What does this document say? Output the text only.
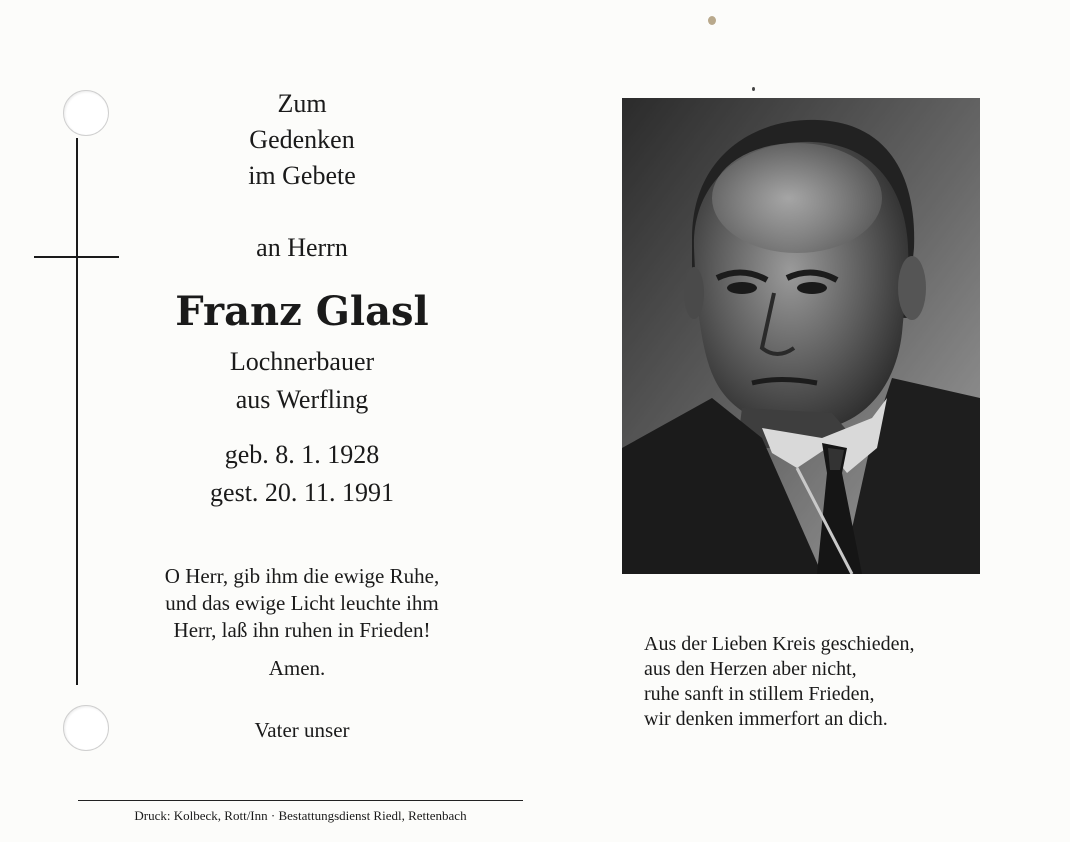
Zum
Gedenken
im Gebete
an Herrn
Franz Glasl
Lochnerbauer
aus Werfling
geb. 8. 1. 1928
gest. 20. 11. 1991
O Herr, gib ihm die ewige Ruhe,
und das ewige Licht leuchte ihm
Herr, laß ihn ruhen in Frieden!
Amen.
Vater unser
Aus der Lieben Kreis geschieden,
aus den Herzen aber nicht,
ruhe sanft in stillem Frieden,
wir denken immerfort an dich.
Druck: Kolbeck, Rott/Inn · Bestattungsdienst Riedl, Rettenbach
